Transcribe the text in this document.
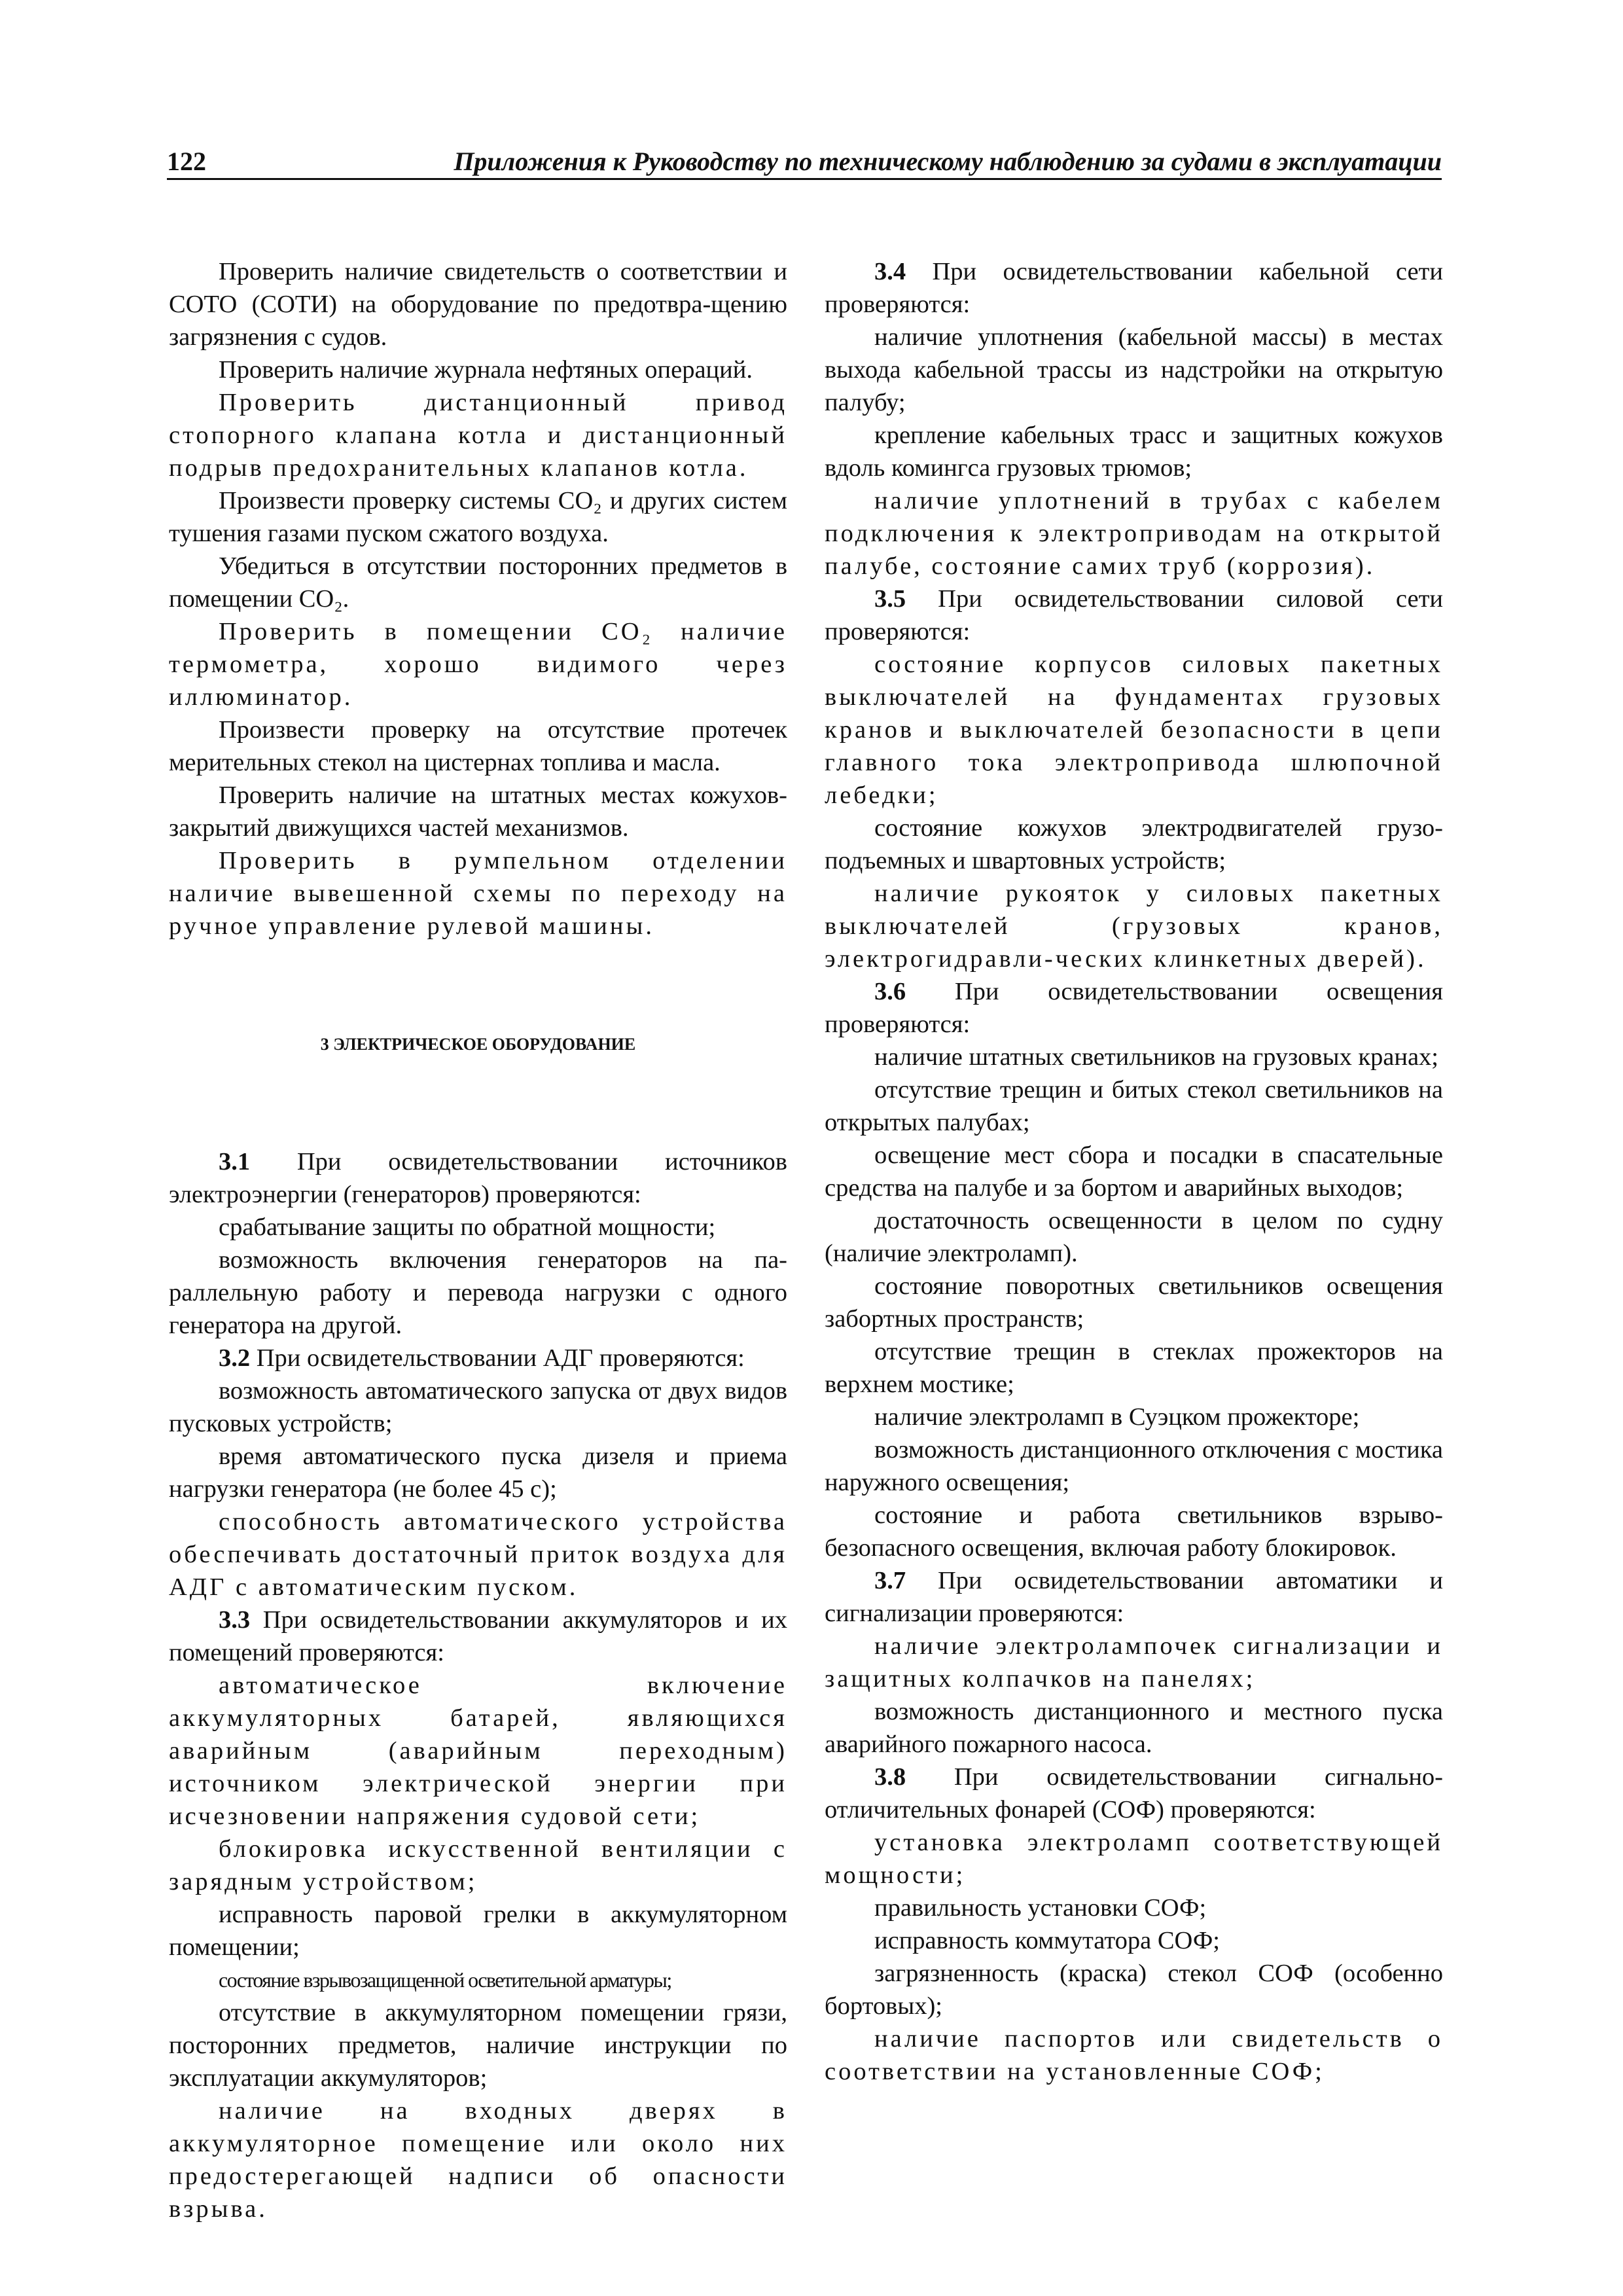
122	Приложения к Руководству по техническому наблюдению за судами в эксплуатации

Проверить наличие свидетельств о соответствии и СОТО (СОТИ) на оборудование по предотвра-щению загрязнения с судов.

Проверить наличие журнала нефтяных операций.

Проверить дистанционный привод стопорного клапана котла и дистанционный подрыв предохранительных клапанов котла.

Произвести проверку системы CO₂ и других систем тушения газами пуском сжатого воздуха.

Убедиться в отсутствии посторонних предметов в помещении CO₂.

Проверить в помещении CO₂ наличие термометра, хорошо видимого через иллюминатор.

Произвести проверку на отсутствие протечек мерительных стекол на цистернах топлива и масла.

Проверить наличие на штатных местах кожухов-закрытий движущихся частей механизмов.

Проверить в румпельном отделении наличие вывешенной схемы по переходу на ручное управление рулевой машины.

3 ЭЛЕКТРИЧЕСКОЕ ОБОРУДОВАНИЕ

3.1 При освидетельствовании источников электроэнергии (генераторов) проверяются:

срабатывание защиты по обратной мощности;

возможность включения генераторов на па-раллельную работу и перевода нагрузки с одного генератора на другой.

3.2 При освидетельствовании АДГ проверяются:

возможность автоматического запуска от двух видов пусковых устройств;

время автоматического пуска дизеля и приема нагрузки генератора (не более 45 с);

способность автоматического устройства обеспечивать достаточный приток воздуха для АДГ с автоматическим пуском.

3.3 При освидетельствовании аккумуляторов и их помещений проверяются:

автоматическое включение аккумуляторных батарей, являющихся аварийным (аварийным переходным) источником электрической энергии при исчезновении напряжения судовой сети;

блокировка искусственной вентиляции с зарядным устройством;

исправность паровой грелки в аккумуляторном помещении;

состояние взрывозащищенной осветительной арматуры;

отсутствие в аккумуляторном помещении грязи, посторонних предметов, наличие инструкции по эксплуатации аккумуляторов;

наличие на входных дверях в аккумуляторное помещение или около них предостерегающей надписи об опасности взрыва.

3.4 При освидетельствовании кабельной сети проверяются:

наличие уплотнения (кабельной массы) в местах выхода кабельной трассы из надстройки на открытую палубу;

крепление кабельных трасс и защитных кожухов вдоль комингса грузовых трюмов;

наличие уплотнений в трубах с кабелем подключения к электроприводам на открытой палубе, состояние самих труб (коррозия).

3.5 При освидетельствовании силовой сети проверяются:

состояние корпусов силовых пакетных выключателей на фундаментах грузовых кранов и выключателей безопасности в цепи главного тока электропривода шлюпочной лебедки;

состояние кожухов электродвигателей грузо-подъемных и швартовных устройств;

наличие рукояток у силовых пакетных выключателей (грузовых кранов, электрогидравли-ческих клинкетных дверей).

3.6 При освидетельствовании освещения проверяются:

наличие штатных светильников на грузовых кранах;

отсутствие трещин и битых стекол светильников на открытых палубах;

освещение мест сбора и посадки в спасательные средства на палубе и за бортом и аварийных выходов;

достаточность освещенности в целом по судну (наличие электроламп).

состояние поворотных светильников освещения забортных пространств;

отсутствие трещин в стеклах прожекторов на верхнем мостике;

наличие электроламп в Суэцком прожекторе;

возможность дистанционного отключения с мостика наружного освещения;

состояние и работа светильников взрыво-безопасного освещения, включая работу блокировок.

3.7 При освидетельствовании автоматики и сигнализации проверяются:

наличие электролампочек сигнализации и защитных колпачков на панелях;

возможность дистанционного и местного пуска аварийного пожарного насоса.

3.8 При освидетельствовании сигнально-отличительных фонарей (СОФ) проверяются:

установка электроламп соответствующей мощности;

правильность установки СОФ;

исправность коммутатора СОФ;

загрязненность (краска) стекол СОФ (особенно бортовых);

наличие паспортов или свидетельств о соответствии на установленные СОФ;
